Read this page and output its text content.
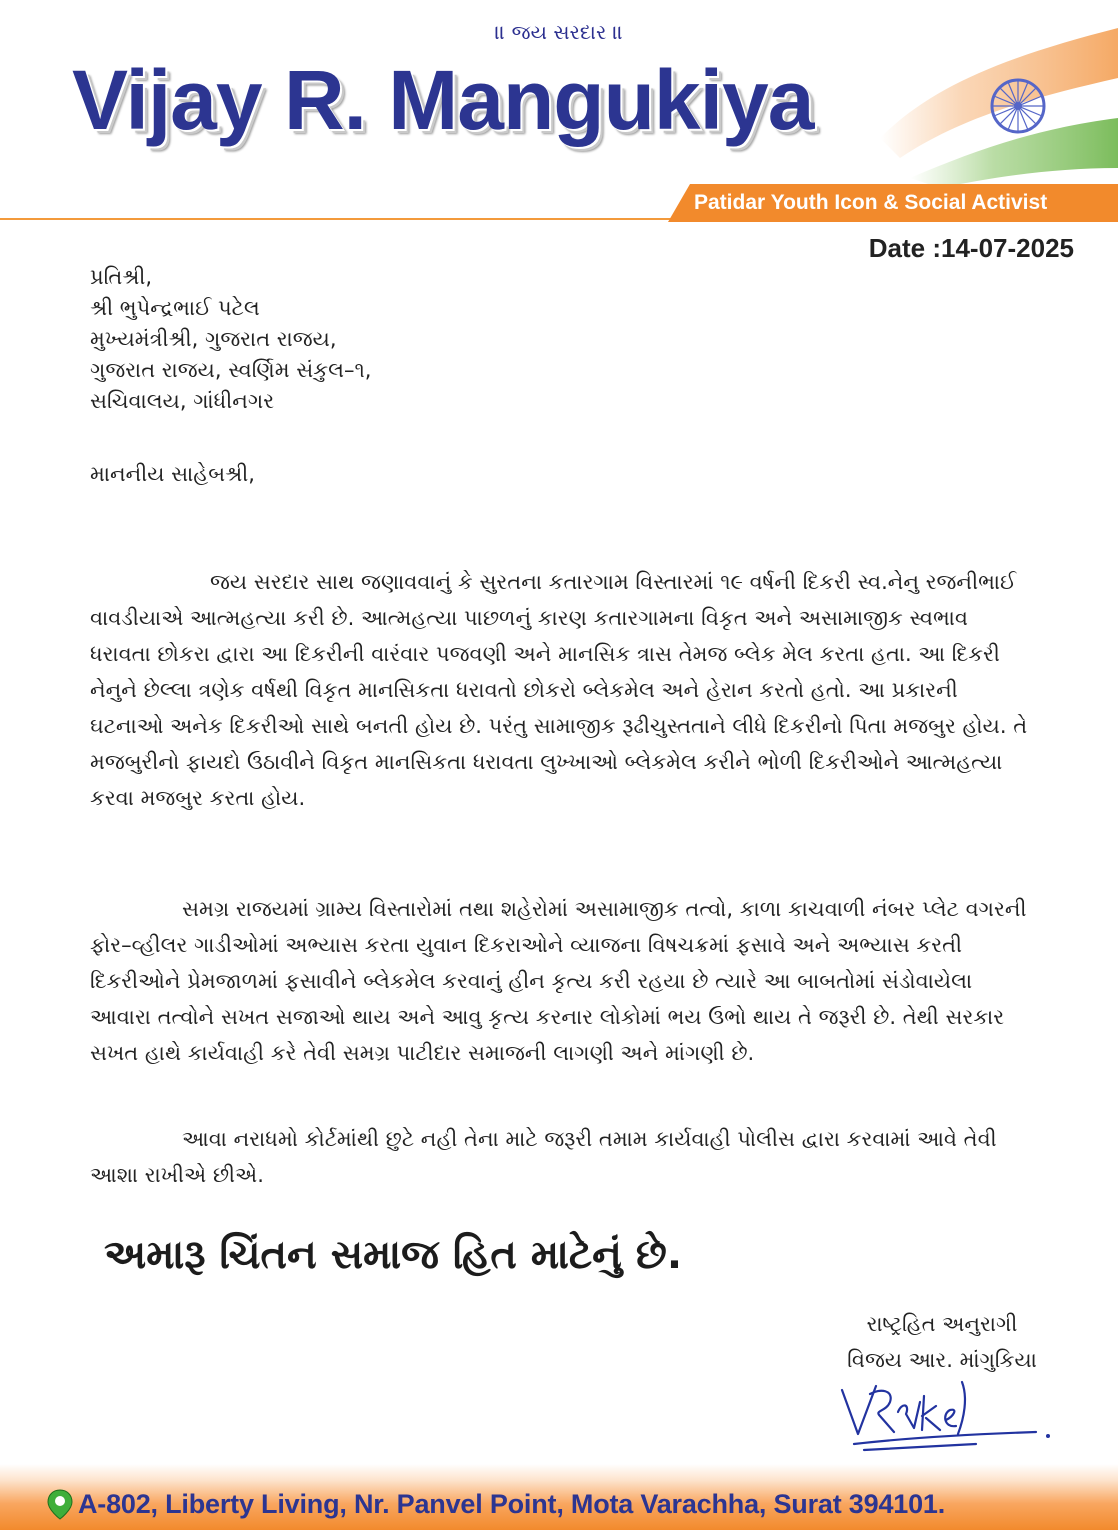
॥ જય સરદાર ॥
Vijay R. Mangukiya
Patidar Youth Icon & Social Activist
Date :14-07-2025
પ્રતિશ્રી,
શ્રી ભુપેન્દ્રભાઈ પટેલ
મુખ્યમંત્રીશ્રી, ગુજરાત રાજય,
ગુજરાત રાજય, સ્વર્ણિમ સંકુલ–૧,
સચિવાલય, ગાંધીનગર
માનનીય સાહેબશ્રી,

જય સરદાર સાથ જણાવવાનું કે સુરતના કતારગામ વિસ્તારમાં ૧૯ વર્ષની દિકરી સ્વ.નેનુ રજનીભાઈ વાવડીયાએ આત્મહત્યા કરી છે. આત્મહત્યા પાછળનું કારણ કતારગામના વિકૃત અને અસામાજીક સ્વભાવ ધરાવતા છોકરા દ્વારા આ દિકરીની વારંવાર પજવણી અને માનસિક ત્રાસ તેમજ બ્લેક મેલ કરતા હતા. આ દિકરી નેનુને છેલ્લા ત્રણેક વર્ષથી વિકૃત માનસિકતા ધરાવતો છોકરો બ્લેકમેલ અને હેરાન કરતો હતો. આ પ્રકારની ઘટનાઓ અનેક દિકરીઓ સાથે બનતી હોય છે. પરંતુ સામાજીક રૂઢીચુસ્તતાને લીધે દિકરીનો પિતા મજબુર હોય. તે મજબુરીનો ફાયદો ઉઠાવીને વિકૃત માનસિકતા ધરાવતા લુખ્ખાઓ બ્લેકમેલ કરીને ભોળી દિકરીઓને આત્મહત્યા કરવા મજબુર કરતા હોય.

સમગ્ર રાજયમાં ગ્રામ્ય વિસ્તારોમાં તથા શહેરોમાં અસામાજીક તત્વો, કાળા કાચવાળી નંબર પ્લેટ વગરની ફોર–વ્હીલર ગાડીઓમાં અભ્યાસ કરતા યુવાન દિકરાઓને વ્યાજના વિષચક્રમાં ફસાવે અને અભ્યાસ કરતી દિકરીઓને પ્રેમજાળમાં ફસાવીને બ્લેકમેલ કરવાનું હીન કૃત્ય કરી રહયા છે ત્યારે આ બાબતોમાં સંડોવાયેલા આવારા તત્વોને સખત સજાઓ થાય અને આવુ કૃત્ય કરનાર લોકોમાં ભય ઉભો થાય તે જરૂરી છે. તેથી સરકાર સખત હાથે કાર્યવાહી કરે તેવી સમગ્ર પાટીદાર સમાજની લાગણી અને માંગણી છે.

આવા નરાધમો કોર્ટમાંથી છુટે નહી તેના માટે જરૂરી તમામ કાર્યવાહી પોલીસ દ્વારા કરવામાં આવે તેવી આશા રાખીએ છીએ.

અમારૂ ચિંતન સમાજ હિત માટેનું છે.
રાષ્ટ્રહિત અનુરાગી
વિજય આર. માંગુકિયા
A-802, Liberty Living, Nr. Panvel Point, Mota Varachha, Surat 394101.
